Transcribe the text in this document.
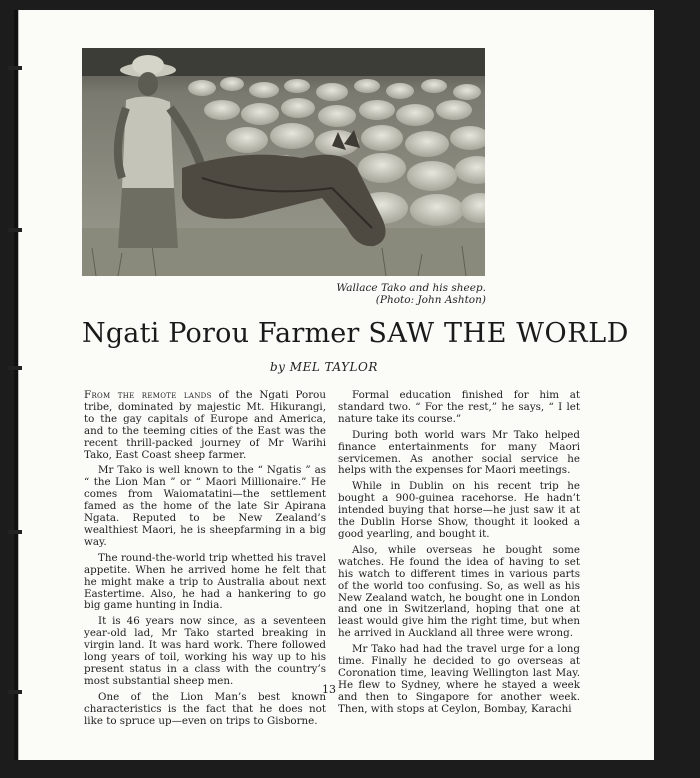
Wallace Tako and his sheep.
(Photo: John Ashton)
Ngati Porou Farmer SAW THE WORLD
by MEL TAYLOR

From the remote lands of the Ngati Porou tribe, dominated by majestic Mt. Hikurangi, to the gay capitals of Europe and America, and to the teeming cities of the East was the recent thrill-packed journey of Mr Warihi Tako, East Coast sheep farmer.

Mr Tako is well known to the “ Ngatis ” as “ the Lion Man ” or “ Maori Millionaire.” He comes from Waiomatatini—the settlement famed as the home of the late Sir Apirana Ngata. Reputed to be New Zealand’s wealthiest Maori, he is sheepfarming in a big way.

The round-the-world trip whetted his travel appetite. When he arrived home he felt that he might make a trip to Australia about next Eastertime. Also, he had a hankering to go big game hunting in India.

It is 46 years now since, as a seventeen year-old lad, Mr Tako started breaking in virgin land. It was hard work. There followed long years of toil, working his way up to his present status in a class with the country’s most substantial sheep men.

One of the Lion Man’s best known characteristics is the fact that he does not like to spruce up—even on trips to Gisborne.

Formal education finished for him at standard two. “ For the rest,” he says, “ I let nature take its course.”

During both world wars Mr Tako helped finance entertainments for many Maori servicemen. As another social service he helps with the expenses for Maori meetings.

While in Dublin on his recent trip he bought a 900-guinea racehorse. He hadn’t intended buying that horse—he just saw it at the Dublin Horse Show, thought it looked a good yearling, and bought it.

Also, while overseas he bought some watches. He found the idea of having to set his watch to different times in various parts of the world too confusing. So, as well as his New Zealand watch, he bought one in London and one in Switzerland, hoping that one at least would give him the right time, but when he arrived in Auckland all three were wrong.

Mr Tako had had the travel urge for a long time. Finally he decided to go overseas at Coronation time, leaving Wellington last May. He flew to Sydney, where he stayed a week and then to Singapore for another week. Then, with stops at Ceylon, Bombay, Karachi

13
